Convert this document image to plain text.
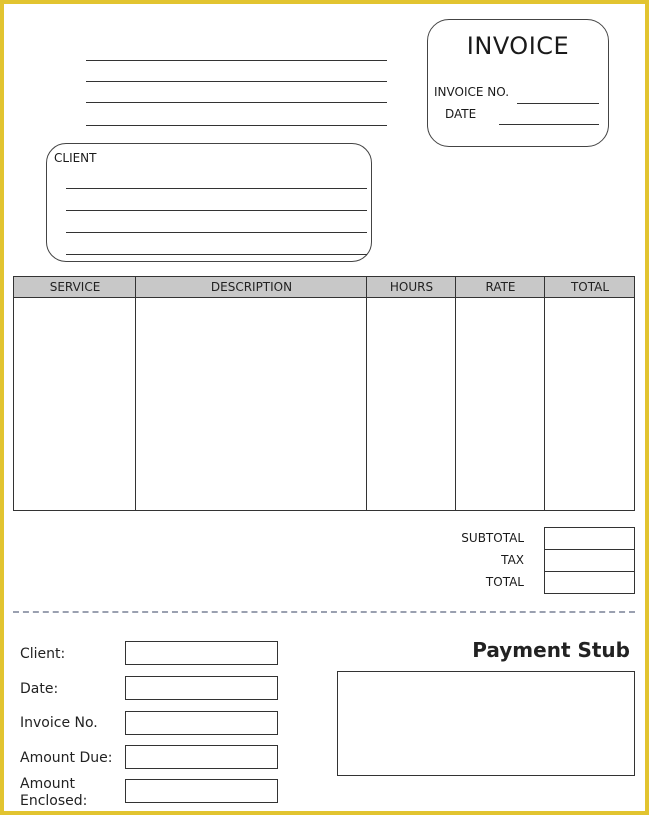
INVOICE
INVOICE NO.
DATE
CLIENT
SERVICE	DESCRIPTION	HOURS	RATE	TOTAL
SUBTOTAL
TAX
TOTAL
Payment Stub
Client:
Date:
Invoice No.
Amount Due:
Amount
Enclosed:
